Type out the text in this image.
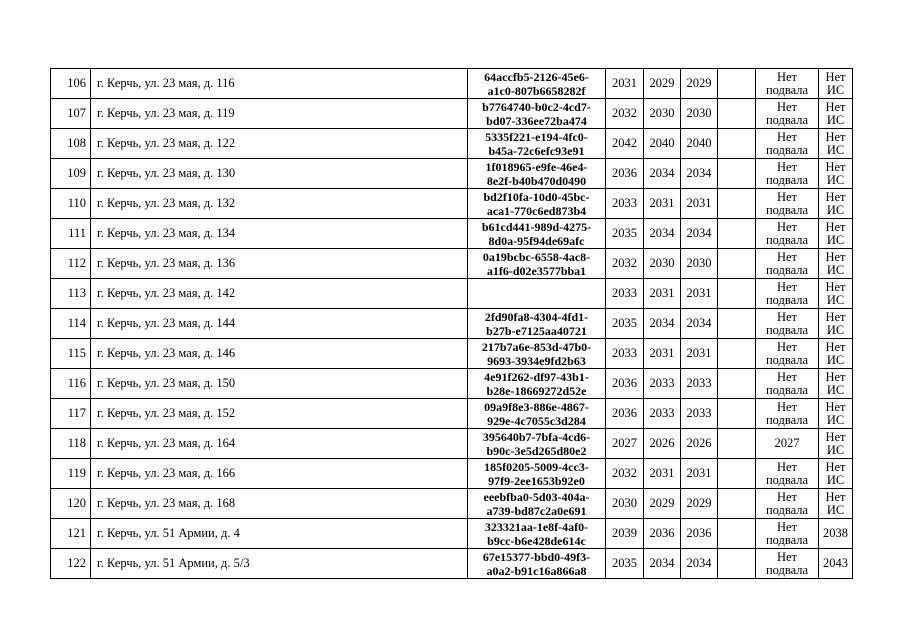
106	г. Керчь, ул. 23 мая, д. 116	64accfb5-2126-45e6-
a1c0-807b6658282f	2031	2029	2029		Нет
подвала	Нет
ИС
107	г. Керчь, ул. 23 мая, д. 119	b7764740-b0c2-4cd7-
bd07-336ee72ba474	2032	2030	2030		Нет
подвала	Нет
ИС
108	г. Керчь, ул. 23 мая, д. 122	5335f221-e194-4fc0-
b45a-72c6efc93e91	2042	2040	2040		Нет
подвала	Нет
ИС
109	г. Керчь, ул. 23 мая, д. 130	1f018965-e9fe-46e4-
8e2f-b40b470d0490	2036	2034	2034		Нет
подвала	Нет
ИС
110	г. Керчь, ул. 23 мая, д. 132	bd2f10fa-10d0-45bc-
aca1-770c6ed873b4	2033	2031	2031		Нет
подвала	Нет
ИС
111	г. Керчь, ул. 23 мая, д. 134	b61cd441-989d-4275-
8d0a-95f94de69afc	2035	2034	2034		Нет
подвала	Нет
ИС
112	г. Керчь, ул. 23 мая, д. 136	0a19bcbc-6558-4ac8-
a1f6-d02e3577bba1	2032	2030	2030		Нет
подвала	Нет
ИС
113	г. Керчь, ул. 23 мая, д. 142		2033	2031	2031		Нет
подвала	Нет
ИС
114	г. Керчь, ул. 23 мая, д. 144	2fd90fa8-4304-4fd1-
b27b-e7125aa40721	2035	2034	2034		Нет
подвала	Нет
ИС
115	г. Керчь, ул. 23 мая, д. 146	217b7a6e-853d-47b0-
9693-3934e9fd2b63	2033	2031	2031		Нет
подвала	Нет
ИС
116	г. Керчь, ул. 23 мая, д. 150	4e91f262-df97-43b1-
b28e-18669272d52e	2036	2033	2033		Нет
подвала	Нет
ИС
117	г. Керчь, ул. 23 мая, д. 152	09a9f8e3-886e-4867-
929e-4c7055c3d284	2036	2033	2033		Нет
подвала	Нет
ИС
118	г. Керчь, ул. 23 мая, д. 164	395640b7-7bfa-4cd6-
b90c-3e5d265d80e2	2027	2026	2026		2027	Нет
ИС
119	г. Керчь, ул. 23 мая, д. 166	185f0205-5009-4cc3-
97f9-2ee1653b92e0	2032	2031	2031		Нет
подвала	Нет
ИС
120	г. Керчь, ул. 23 мая, д. 168	eeebfba0-5d03-404a-
a739-bd87c2a0e691	2030	2029	2029		Нет
подвала	Нет
ИС
121	г. Керчь, ул. 51 Армии, д. 4	323321aa-1e8f-4af0-
b9cc-b6e428de614c	2039	2036	2036		Нет
подвала	2038
122	г. Керчь, ул. 51 Армии, д. 5/3	67e15377-bbd0-49f3-
a0a2-b91c16a866a8	2035	2034	2034		Нет
подвала	2043
